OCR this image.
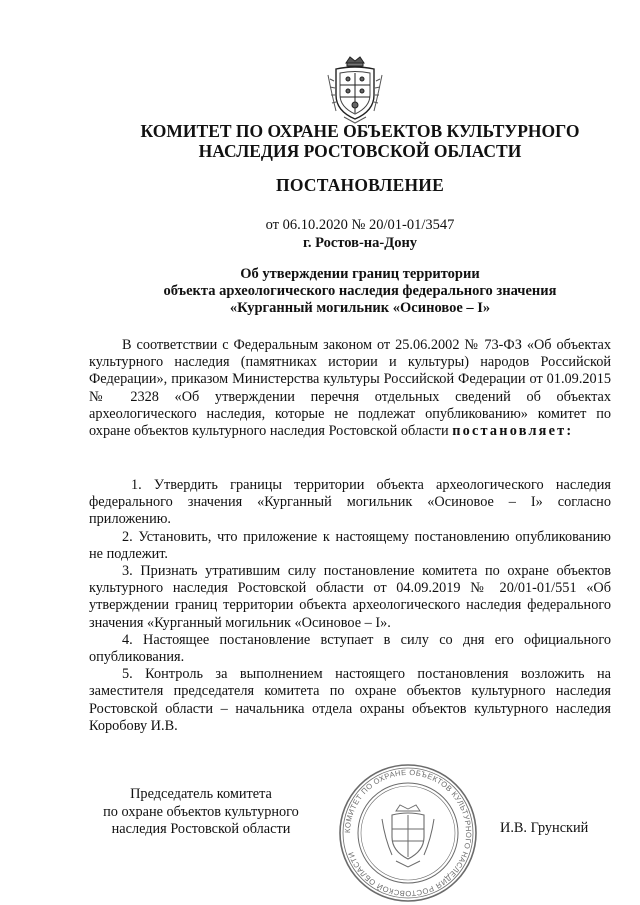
КОМИТЕТ ПО ОХРАНЕ ОБЪЕКТОВ КУЛЬТУРНОГО
НАСЛЕДИЯ РОСТОВСКОЙ ОБЛАСТИ
ПОСТАНОВЛЕНИЕ
от 06.10.2020 № 20/01-01/3547
г. Ростов-на-Дону
Об утверждении границ территории
объекта археологического наследия федерального значения
«Курганный могильник «Осиновое – I»

В соответствии с Федеральным законом от 25.06.2002 № 73-ФЗ «Об объектах культурного наследия (памятниках истории и культуры) народов Российской Федерации», приказом Министерства культуры Российской Федерации от 01.09.2015 № 2328 «Об утверждении перечня отдельных сведений об объектах археологического наследия, которые не подлежат опубликованию» комитет по охране объектов культурного наследия Ростовской области постановляет:

1. Утвердить границы территории объекта археологического наследия федерального значения «Курганный могильник «Осиновое – I» согласно приложению.

2. Установить, что приложение к настоящему постановлению опубликованию не подлежит.

3. Признать утратившим силу постановление комитета по охране объектов культурного наследия Ростовской области от 04.09.2019 № 20/01-01/551 «Об утверждении границ территории объекта археологического наследия федерального значения «Курганный могильник «Осиновое – I».

4. Настоящее постановление вступает в силу со дня его официального опубликования.

5. Контроль за выполнением настоящего постановления возложить на заместителя председателя комитета по охране объектов культурного наследия Ростовской области – начальника отдела охраны объектов культурного наследия Коробову И.В.

Председатель комитета
по охране объектов культурного
наследия Ростовской области	КОМИТЕТ ПО ОХРАНЕ ОБЪЕКТОВ КУЛЬТУРНОГО НАСЛЕДИЯ РОСТОВСКОЙ ОБЛАСТИ
И.В. Грунский
